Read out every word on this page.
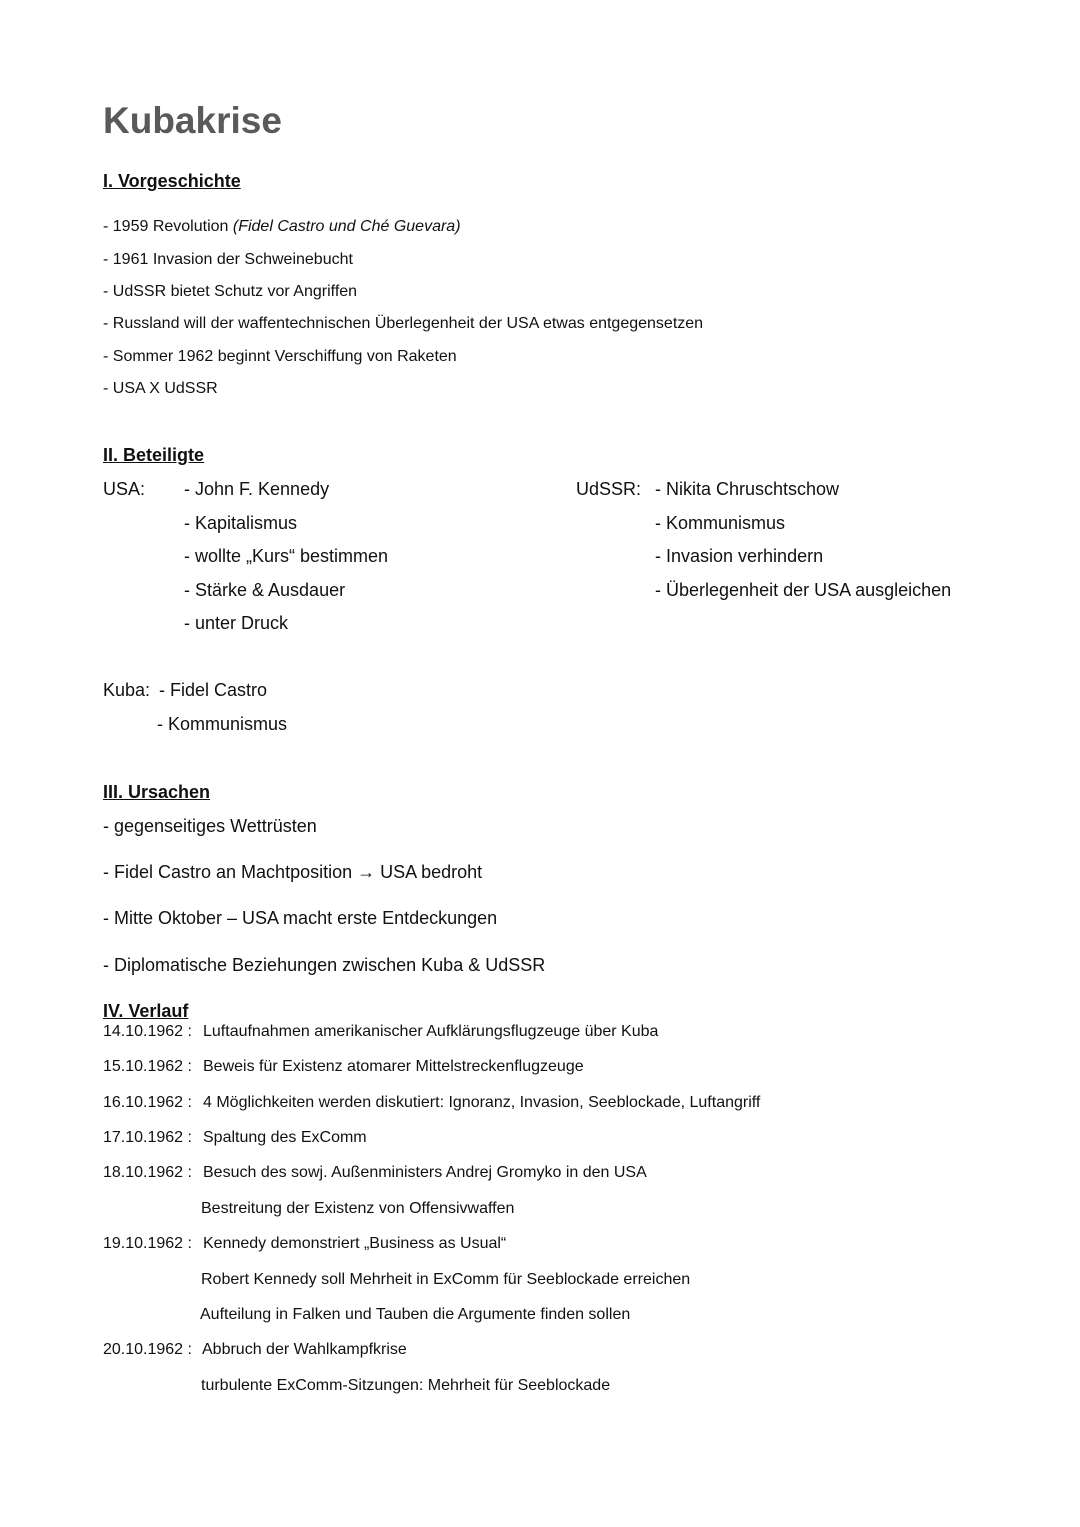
Kubakrise
I. Vorgeschichte
- 1959 Revolution (Fidel Castro und Ché Guevara)
- 1961 Invasion der Schweinebucht
- UdSSR bietet Schutz vor Angriffen
- Russland will der waffentechnischen Überlegenheit der USA etwas entgegensetzen
- Sommer 1962 beginnt Verschiffung von Raketen
- USA X UdSSR
II. Beteiligte
USA: - John F. Kennedy
- Kapitalismus
- wollte „Kurs“ bestimmen
- Stärke & Ausdauer
- unter Druck
UdSSR: - Nikita Chruschtschow
- Kommunismus
- Invasion verhindern
- Überlegenheit der USA ausgleichen
Kuba: - Fidel Castro
- Kommunismus
III. Ursachen
- gegenseitiges Wettrüsten
- Fidel Castro an Machtposition → USA bedroht
- Mitte Oktober – USA macht erste Entdeckungen
- Diplomatische Beziehungen zwischen Kuba & UdSSR
IV. Verlauf
14.10.1962 : Luftaufnahmen amerikanischer Aufklärungsflugzeuge über Kuba
15.10.1962 : Beweis für Existenz atomarer Mittelstreckenflugzeuge
16.10.1962 : 4 Möglichkeiten werden diskutiert: Ignoranz, Invasion, Seeblockade, Luftangriff
17.10.1962 : Spaltung des ExComm
18.10.1962 : Besuch des sowj. Außenministers Andrej Gromyko in den USA
Bestreitung der Existenz von Offensivwaffen
19.10.1962 : Kennedy demonstriert „Business as Usual“
Robert Kennedy soll Mehrheit in ExComm für Seeblockade erreichen
Aufteilung in Falken und Tauben die Argumente finden sollen
20.10.1962 : Abbruch der Wahlkampfkrise
turbulente ExComm-Sitzungen: Mehrheit für Seeblockade
